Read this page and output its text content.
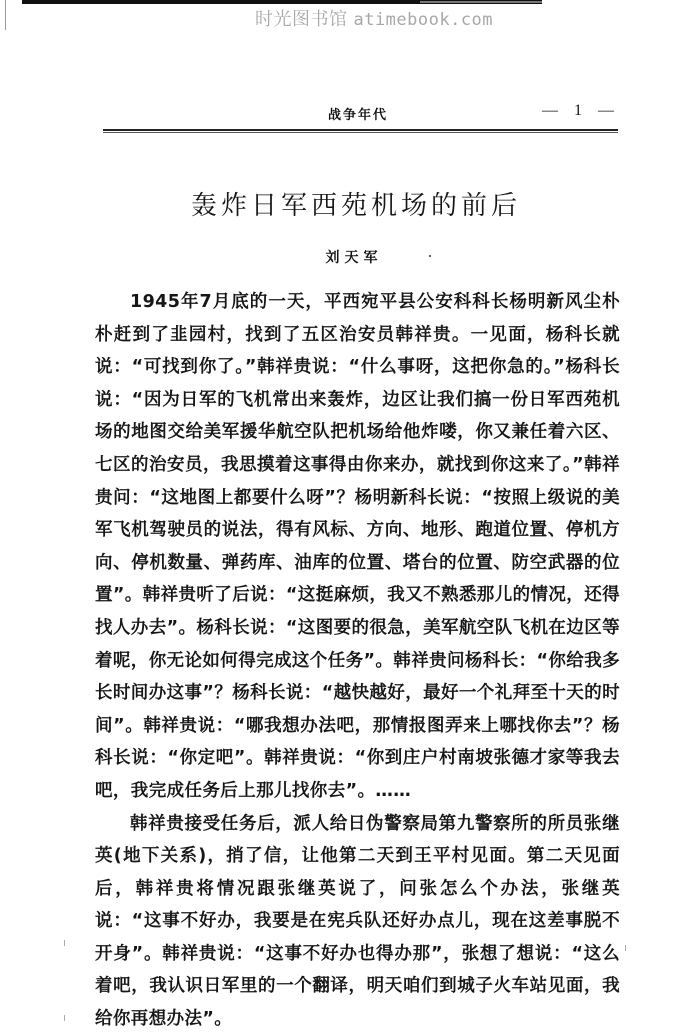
时光图书馆 atimebook.com
战争年代	— 1 —
轰炸日军西苑机场的前后
刘天军

1945年7月底的一天，平西宛平县公安科科长杨明新风尘朴朴赶到了韭园村，找到了五区治安员韩祥贵。一见面，杨科长就说：“可找到你了。”韩祥贵说：“什么事呀，这把你急的。”杨科长说：“因为日军的飞机常出来轰炸，边区让我们搞一份日军西苑机场的地图交给美军援华航空队把机场给他炸喽，你又兼任着六区、七区的治安员，我思摸着这事得由你来办，就找到你这来了。”韩祥贵问：“这地图上都要什么呀”？杨明新科长说：“按照上级说的美军飞机驾驶员的说法，得有风标、方向、地形、跑道位置、停机方向、停机数量、弹药库、油库的位置、塔台的位置、防空武器的位置”。韩祥贵听了后说：“这挺麻烦，我又不熟悉那儿的情况，还得找人办去”。杨科长说：“这图要的很急，美军航空队飞机在边区等着呢，你无论如何得完成这个任务”。韩祥贵问杨科长：“你给我多长时间办这事”？杨科长说：“越快越好，最好一个礼拜至十天的时间”。韩祥贵说：“哪我想办法吧，那情报图弄来上哪找你去”？杨科长说：“你定吧”。韩祥贵说：“你到庄户村南坡张德才家等我去吧，我完成任务后上那儿找你去”。……

韩祥贵接受任务后，派人给日伪警察局第九警察所的所员张继英(地下关系)，捎了信，让他第二天到王平村见面。第二天见面后，韩祥贵将情况跟张继英说了，问张怎么个办法，张继英说：“这事不好办，我要是在宪兵队还好办点儿，现在这差事脱不开身”。韩祥贵说：“这事不好办也得办那”，张想了想说：“这么着吧，我认识日军里的一个翻译，明天咱们到城子火车站见面，我给你再想办法”。
